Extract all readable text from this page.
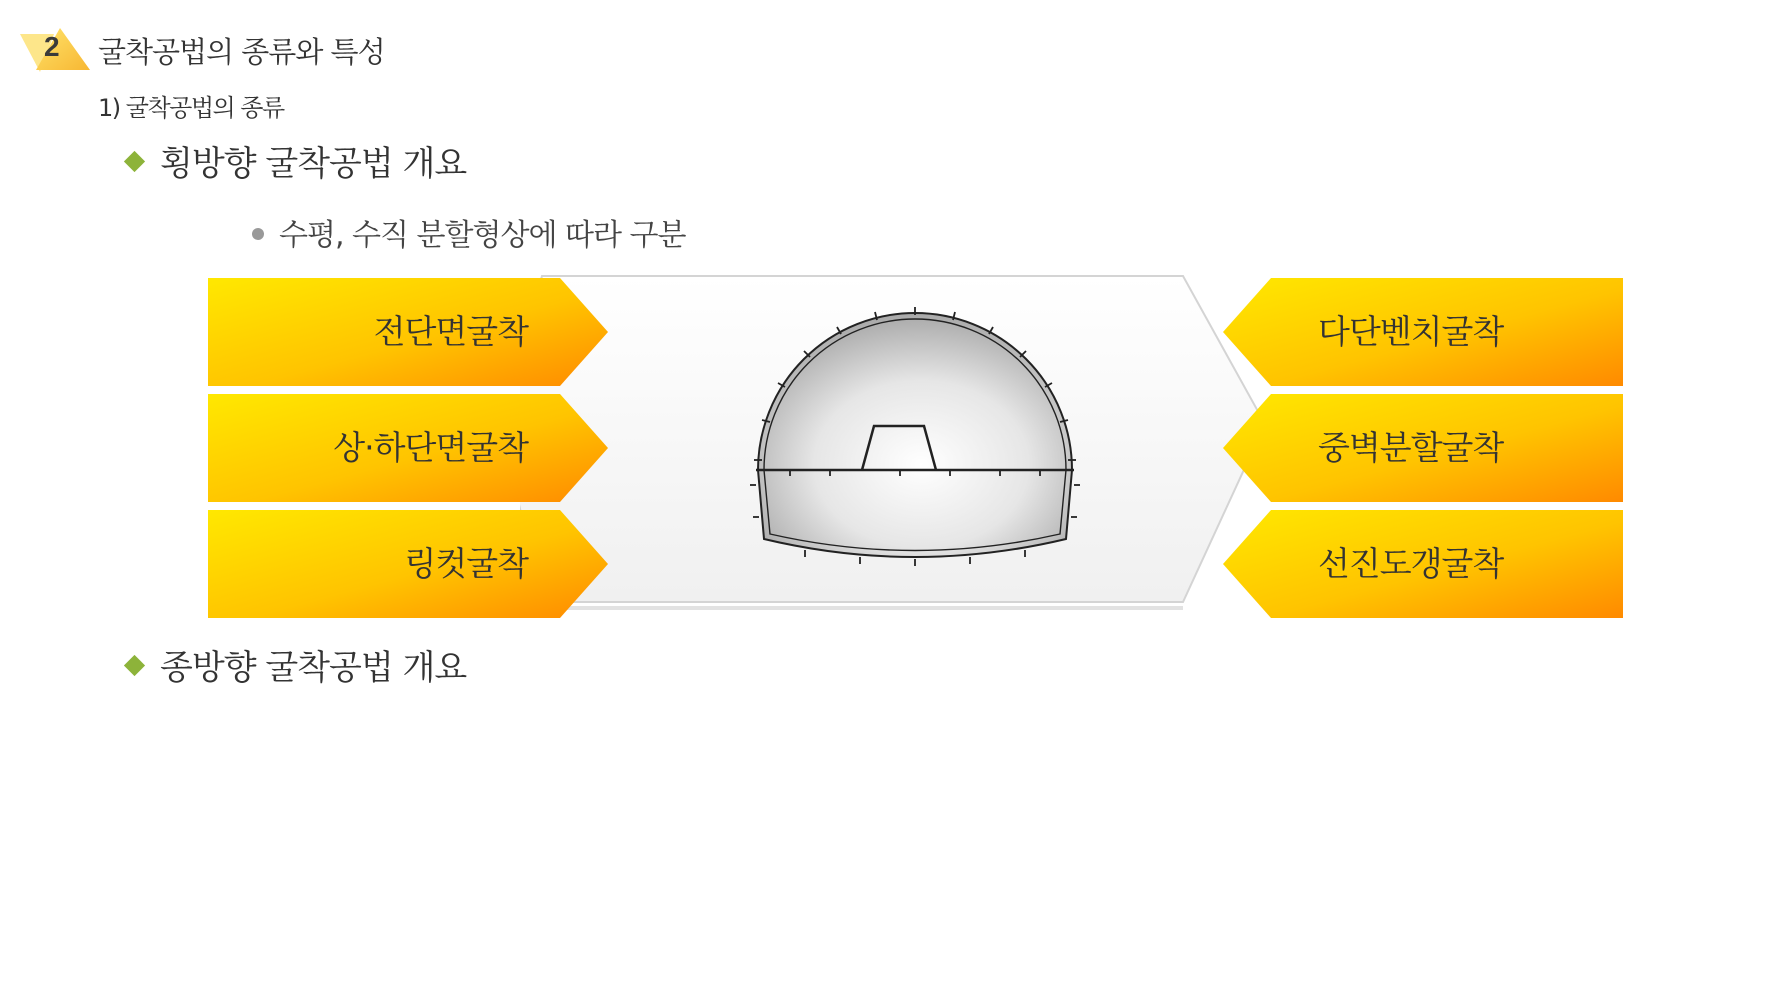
2 굴착공법의 종류와 특성
1) 굴착공법의 종류
횡방향 굴착공법 개요
수평, 수직 분할형상에 따라 구분
전단면굴착
상·하단면굴착
링컷굴착
다단벤치굴착
중벽분할굴착
선진도갱굴착
종방향 굴착공법 개요
